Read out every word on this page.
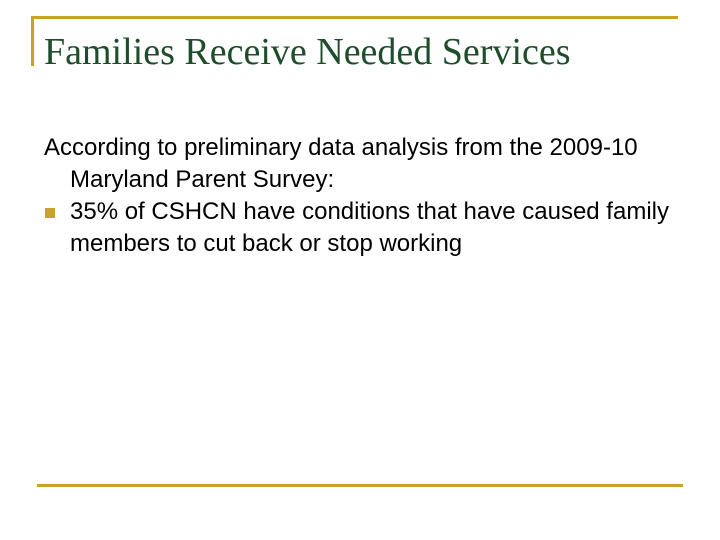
Families Receive Needed Services

According to preliminary data analysis from the 2009-10 Maryland Parent Survey:

35% of CSHCN have conditions that have caused family members to cut back or stop working
